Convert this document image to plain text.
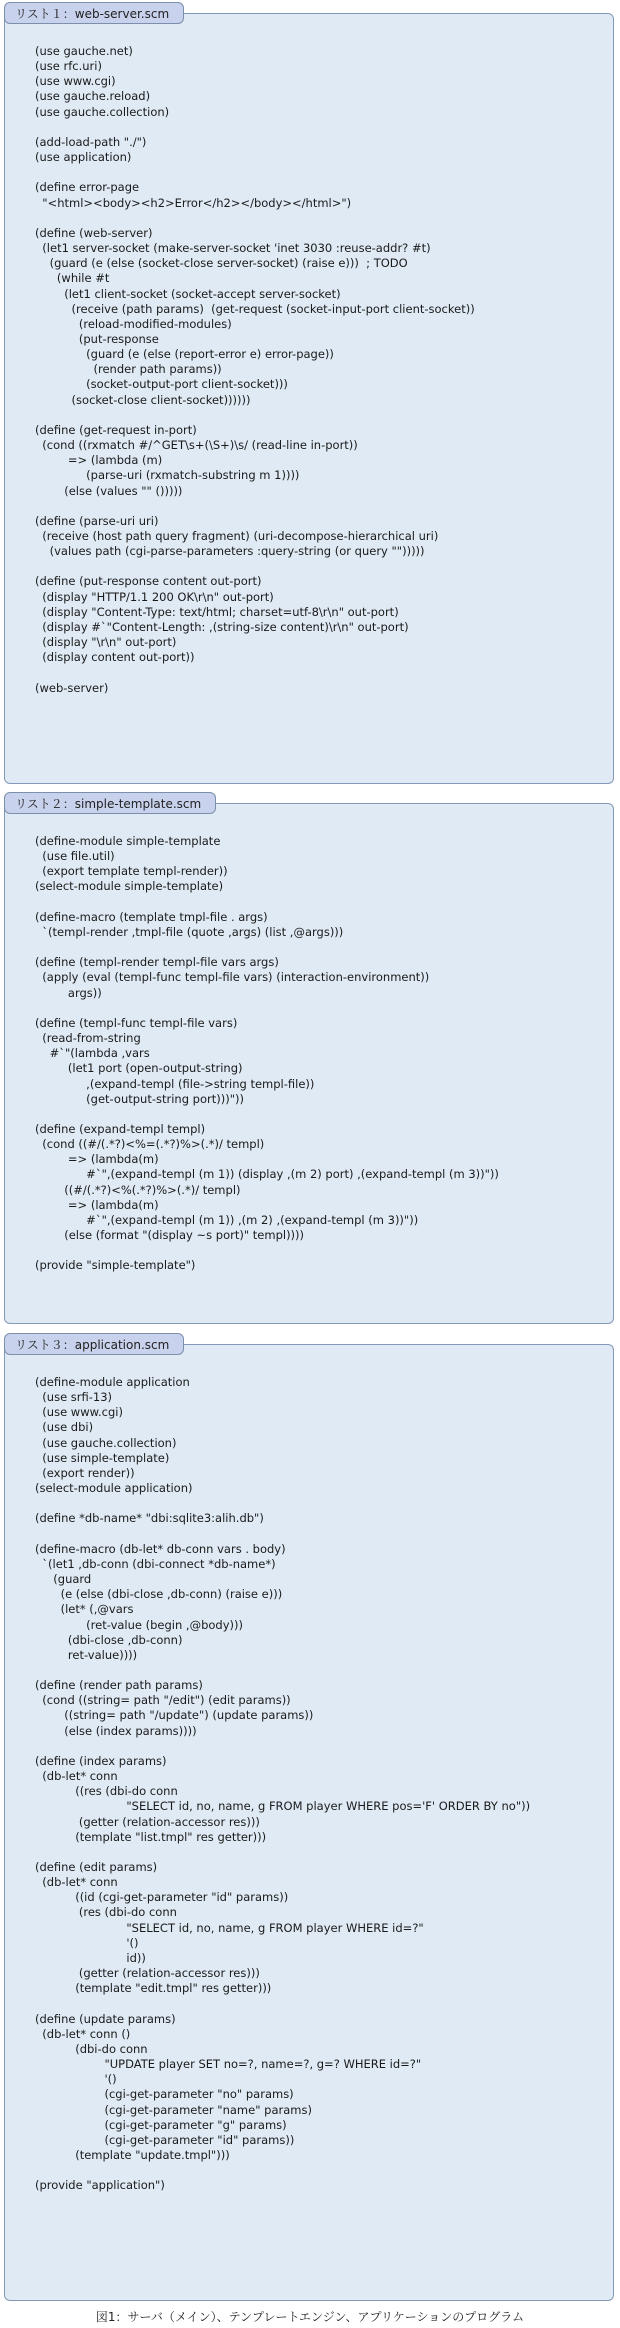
(use gauche.net)
(use rfc.uri)
(use www.cgi)
(use gauche.reload)
(use gauche.collection)

(add-load-path "./")
(use application)

(define error-page
"<html><body><h2>Error</h2></body></html>")

(define (web-server)
(let1 server-socket (make-server-socket 'inet 3030 :reuse-addr? #t)
(guard (e (else (socket-close server-socket) (raise e)))  ; TODO
(while #t
(let1 client-socket (socket-accept server-socket)
(receive (path params)  (get-request (socket-input-port client-socket))
(reload-modified-modules)
(put-response
(guard (e (else (report-error e) error-page))
(render path params))
(socket-output-port client-socket)))
(socket-close client-socket))))))

(define (get-request in-port)
(cond ((rxmatch #/^GET\s+(\S+)\s/ (read-line in-port))
=> (lambda (m)
(parse-uri (rxmatch-substring m 1))))
(else (values "" ()))))

(define (parse-uri uri)
(receive (host path query fragment) (uri-decompose-hierarchical uri)
(values path (cgi-parse-parameters :query-string (or query "")))))

(define (put-response content out-port)
(display "HTTP/1.1 200 OK\r\n" out-port)
(display "Content-Type: text/html; charset=utf-8\r\n" out-port)
(display #`"Content-Length: ,(string-size content)\r\n" out-port)
(display "\r\n" out-port)
(display content out-port))

(web-server)
リスト１：web-server.scm
(define-module simple-template
(use file.util)
(export template templ-render))
(select-module simple-template)

(define-macro (template tmpl-file . args)
`(templ-render ,tmpl-file (quote ,args) (list ,@args)))

(define (templ-render templ-file vars args)
(apply (eval (templ-func templ-file vars) (interaction-environment))
args))

(define (templ-func templ-file vars)
(read-from-string
#`"(lambda ,vars
(let1 port (open-output-string)
,(expand-templ (file->string templ-file))
(get-output-string port)))"))

(define (expand-templ templ)
(cond ((#/(.*?)<%=(.*?)%>(.*)/ templ)
=> (lambda(m)
#`",(expand-templ (m 1)) (display ,(m 2) port) ,(expand-templ (m 3))"))
((#/(.*?)<%(.*?)%>(.*)/ templ)
=> (lambda(m)
#`",(expand-templ (m 1)) ,(m 2) ,(expand-templ (m 3))"))
(else (format "(display ~s port)" templ))))

(provide "simple-template")
リスト２：simple-template.scm
(define-module application
(use srfi-13)
(use www.cgi)
(use dbi)
(use gauche.collection)
(use simple-template)
(export render))
(select-module application)

(define *db-name* "dbi:sqlite3:alih.db")

(define-macro (db-let* db-conn vars . body)
`(let1 ,db-conn (dbi-connect *db-name*)
(guard
(e (else (dbi-close ,db-conn) (raise e)))
(let* (,@vars
(ret-value (begin ,@body)))
(dbi-close ,db-conn)
ret-value))))

(define (render path params)
(cond ((string= path "/edit") (edit params))
((string= path "/update") (update params))
(else (index params))))

(define (index params)
(db-let* conn
((res (dbi-do conn
"SELECT id, no, name, g FROM player WHERE pos='F' ORDER BY no"))
(getter (relation-accessor res)))
(template "list.tmpl" res getter)))

(define (edit params)
(db-let* conn
((id (cgi-get-parameter "id" params))
(res (dbi-do conn
"SELECT id, no, name, g FROM player WHERE id=?"
'()
id))
(getter (relation-accessor res)))
(template "edit.tmpl" res getter)))

(define (update params)
(db-let* conn ()
(dbi-do conn
"UPDATE player SET no=?, name=?, g=? WHERE id=?"
'()
(cgi-get-parameter "no" params)
(cgi-get-parameter "name" params)
(cgi-get-parameter "g" params)
(cgi-get-parameter "id" params))
(template "update.tmpl")))

(provide "application")
リスト３：application.scm
図1：サーバ（メイン）、テンプレートエンジン、アプリケーションのプログラム
